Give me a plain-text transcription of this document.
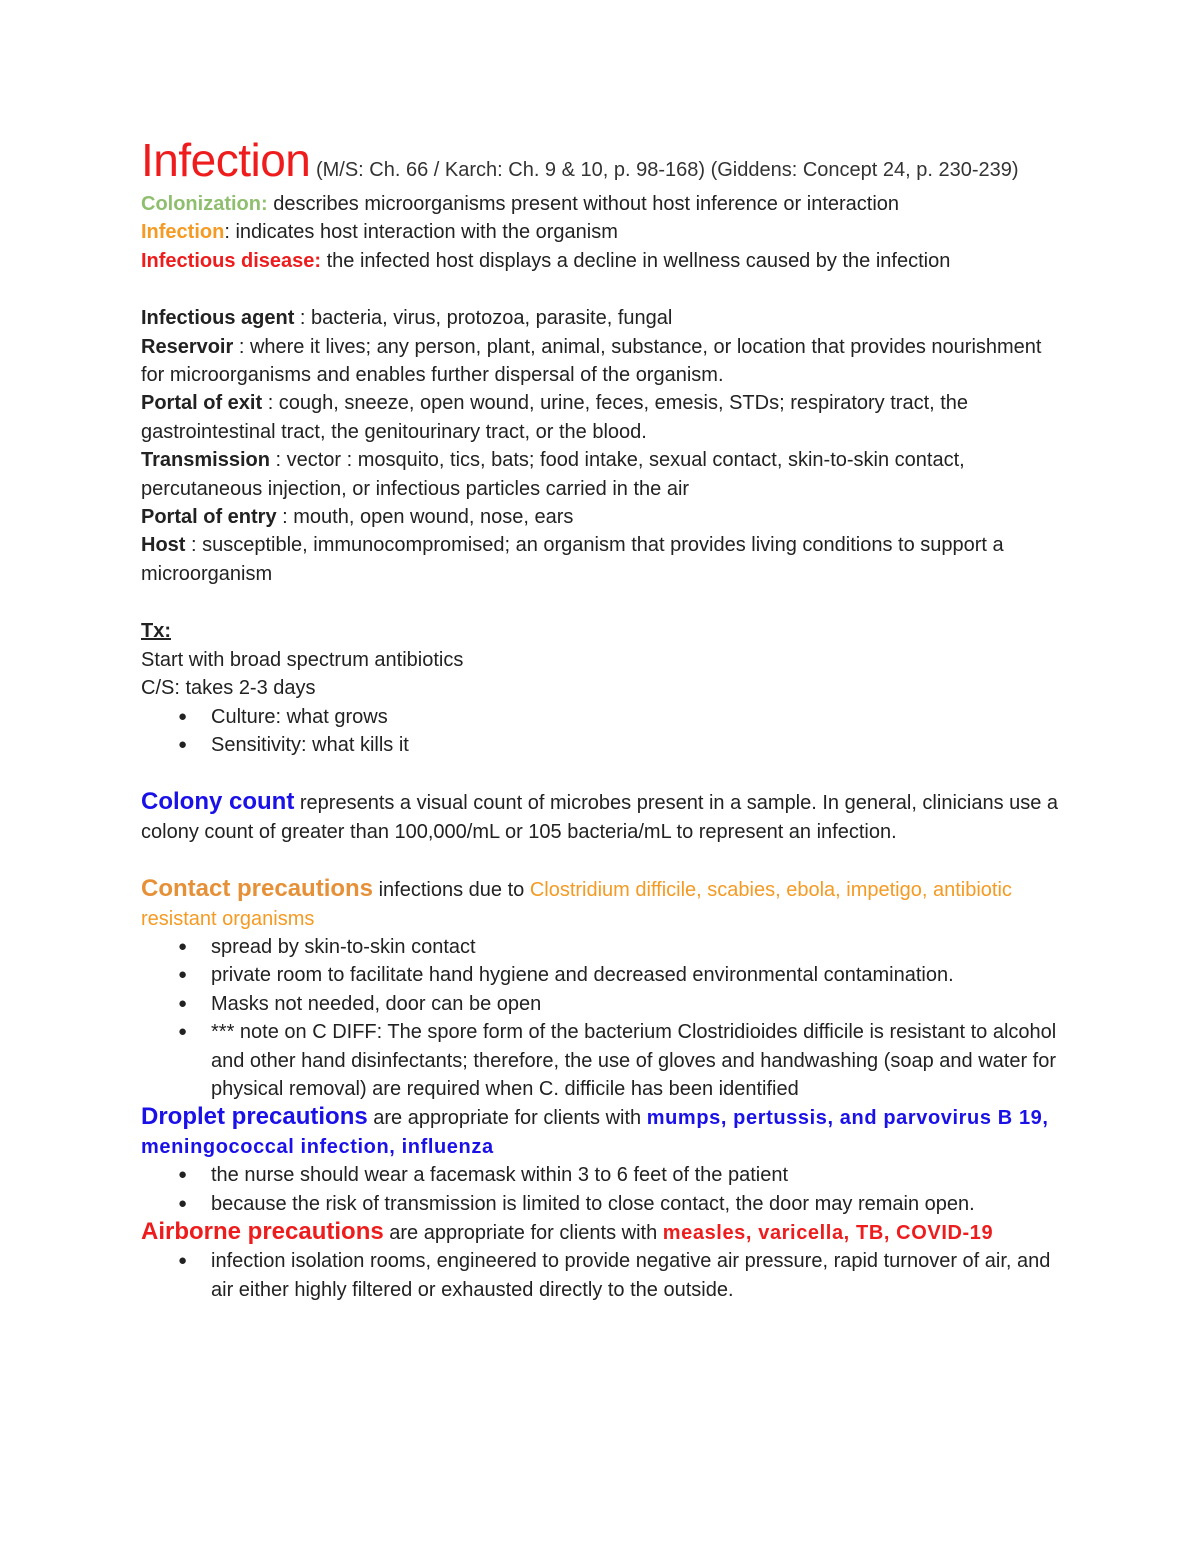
Infection (M/S: Ch. 66 / Karch: Ch. 9 & 10, p. 98-168) (Giddens: Concept 24, p. 230-239)

Colonization: describes microorganisms present without host inference or interaction

Infection: indicates host interaction with the organism

Infectious disease: the infected host displays a decline in wellness caused by the infection

Infectious agent : bacteria, virus, protozoa, parasite, fungal

Reservoir : where it lives; any person, plant, animal, substance, or location that provides nourishment for microorganisms and enables further dispersal of the organism.

Portal of exit : cough, sneeze, open wound, urine, feces, emesis, STDs; respiratory tract, the gastrointestinal tract, the genitourinary tract, or the blood.

Transmission : vector : mosquito, tics, bats; food intake, sexual contact, skin-to-skin contact, percutaneous injection, or infectious particles carried in the air

Portal of entry : mouth, open wound, nose, ears

Host : susceptible, immunocompromised; an organism that provides living conditions to support a microorganism

Tx:

Start with broad spectrum antibiotics

C/S: takes 2-3 days

● Culture: what grows
● Sensitivity: what kills it

Colony count represents a visual count of microbes present in a sample. In general, clinicians use a colony count of greater than 100,000/mL or 105 bacteria/mL to represent an infection.

Contact precautions infections due to Clostridium difficile, scabies, ebola, impetigo, antibiotic resistant organisms

● spread by skin-to-skin contact
● private room to facilitate hand hygiene and decreased environmental contamination.
● Masks not needed, door can be open
● *** note on C DIFF: The spore form of the bacterium Clostridioides difficile is resistant to alcohol and other hand disinfectants; therefore, the use of gloves and handwashing (soap and water for physical removal) are required when C. difficile has been identified

Droplet precautions are appropriate for clients with mumps, pertussis, and parvovirus B 19, meningococcal infection, influenza

● the nurse should wear a facemask within 3 to 6 feet of the patient
● because the risk of transmission is limited to close contact, the door may remain open.

Airborne precautions are appropriate for clients with measles, varicella, TB, COVID-19

● infection isolation rooms, engineered to provide negative air pressure, rapid turnover of air, and air either highly filtered or exhausted directly to the outside.
